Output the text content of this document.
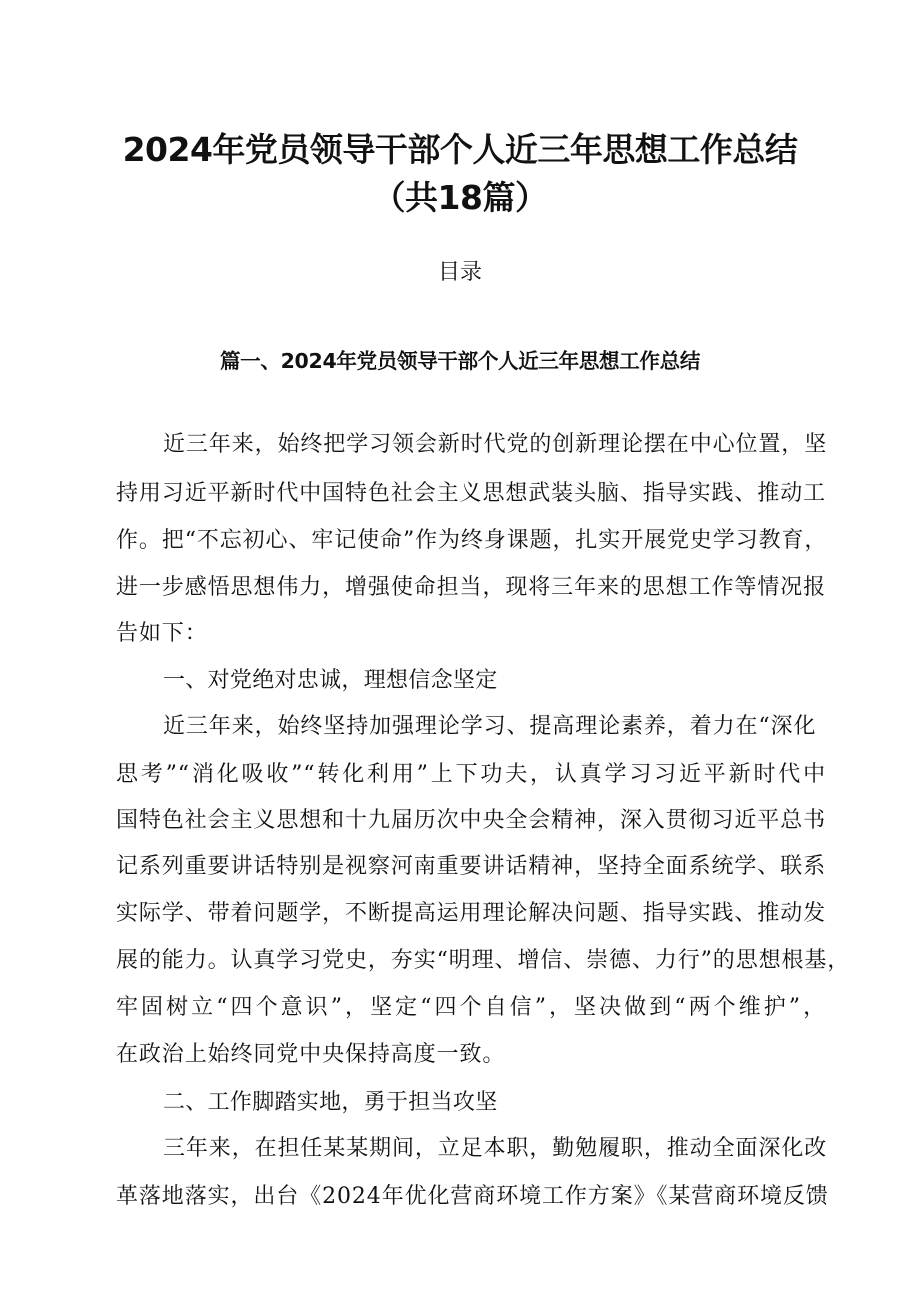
2024年党员领导干部个人近三年思想工作总结
（共18篇）
目录
篇一、2024年党员领导干部个人近三年思想工作总结
近三年来，始终把学习领会新时代党的创新理论摆在中心位置，坚
持用习近平新时代中国特色社会主义思想武装头脑、指导实践、推动工
作。把“不忘初心、牢记使命”作为终身课题，扎实开展党史学习教育，
进一步感悟思想伟力，增强使命担当，现将三年来的思想工作等情况报
告如下：
一、对党绝对忠诚，理想信念坚定
近三年来，始终坚持加强理论学习、提高理论素养，着力在“深化
思考”“消化吸收”“转化利用”上下功夫，认真学习习近平新时代中
国特色社会主义思想和十九届历次中央全会精神，深入贯彻习近平总书
记系列重要讲话特别是视察河南重要讲话精神，坚持全面系统学、联系
实际学、带着问题学，不断提高运用理论解决问题、指导实践、推动发
展的能力。认真学习党史，夯实“明理、增信、崇德、力行”的思想根基，
牢固树立“四个意识”，坚定“四个自信”，坚决做到“两个维护”，
在政治上始终同党中央保持高度一致。
二、工作脚踏实地，勇于担当攻坚
三年来，在担任某某期间，立足本职，勤勉履职，推动全面深化改
革落地落实，出台《2024年优化营商环境工作方案》《某营商环境反馈
